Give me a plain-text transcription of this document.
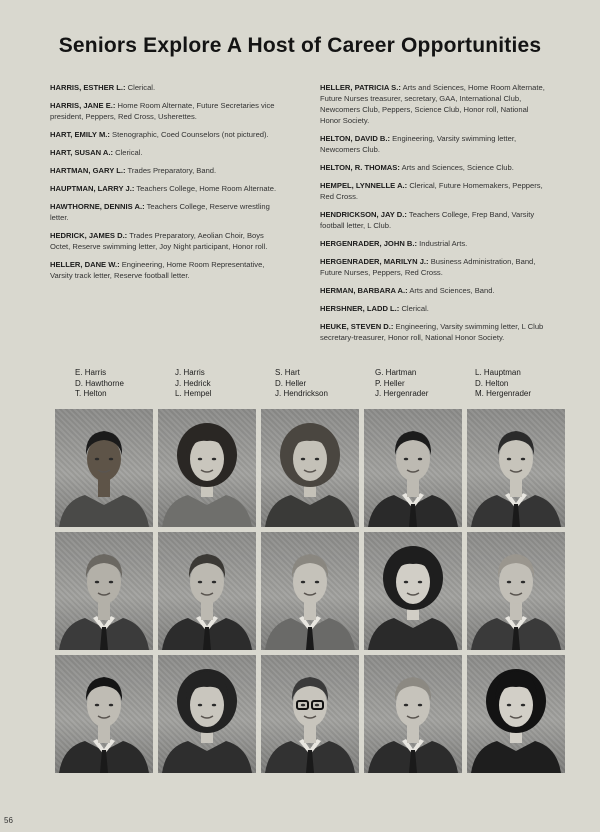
Seniors Explore A Host of Career Opportunities
HARRIS, ESTHER L.: Clerical.
HARRIS, JANE E.: Home Room Alternate, Future Secretaries vice president, Peppers, Red Cross, Usherettes.
HART, EMILY M.: Stenographic, Coed Counselors (not pictured).
HART, SUSAN A.: Clerical.
HARTMAN, GARY L.: Trades Preparatory, Band.
HAUPTMAN, LARRY J.: Teachers College, Home Room Alternate.
HAWTHORNE, DENNIS A.: Teachers College, Reserve wrestling letter.
HEDRICK, JAMES D.: Trades Preparatory, Aeolian Choir, Boys Octet, Reserve swimming letter, Joy Night participant, Honor roll.
HELLER, DANE W.: Engineering, Home Room Representative, Varsity track letter, Reserve football letter.
HELLER, PATRICIA S.: Arts and Sciences, Home Room Alternate, Future Nurses treasurer, secretary, GAA, International Club, Newcomers Club, Peppers, Science Club, Honor roll, National Honor Society.
HELTON, DAVID B.: Engineering, Varsity swimming letter, Newcomers Club.
HELTON, R. THOMAS: Arts and Sciences, Science Club.
HEMPEL, LYNNELLE A.: Clerical, Future Homemakers, Peppers, Red Cross.
HENDRICKSON, JAY D.: Teachers College, Frep Band, Varsity football letter, L Club.
HERGENRADER, JOHN B.: Industrial Arts.
HERGENRADER, MARILYN J.: Business Administration, Band, Future Nurses, Peppers, Red Cross.
HERMAN, BARBARA A.: Arts and Sciences, Band.
HERSHNER, LADD L.: Clerical.
HEUKE, STEVEN D.: Engineering, Varsity swimming letter, L Club secretary-treasurer, Honor roll, National Honor Society.
E. Harris
D. Hawthorne
T. Helton
J. Harris
J. Hedrick
L. Hempel
S. Hart
D. Heller
J. Hendrickson
G. Hartman
P. Heller
J. Hergenrader
L. Hauptman
D. Helton
M. Hergenrader
56
